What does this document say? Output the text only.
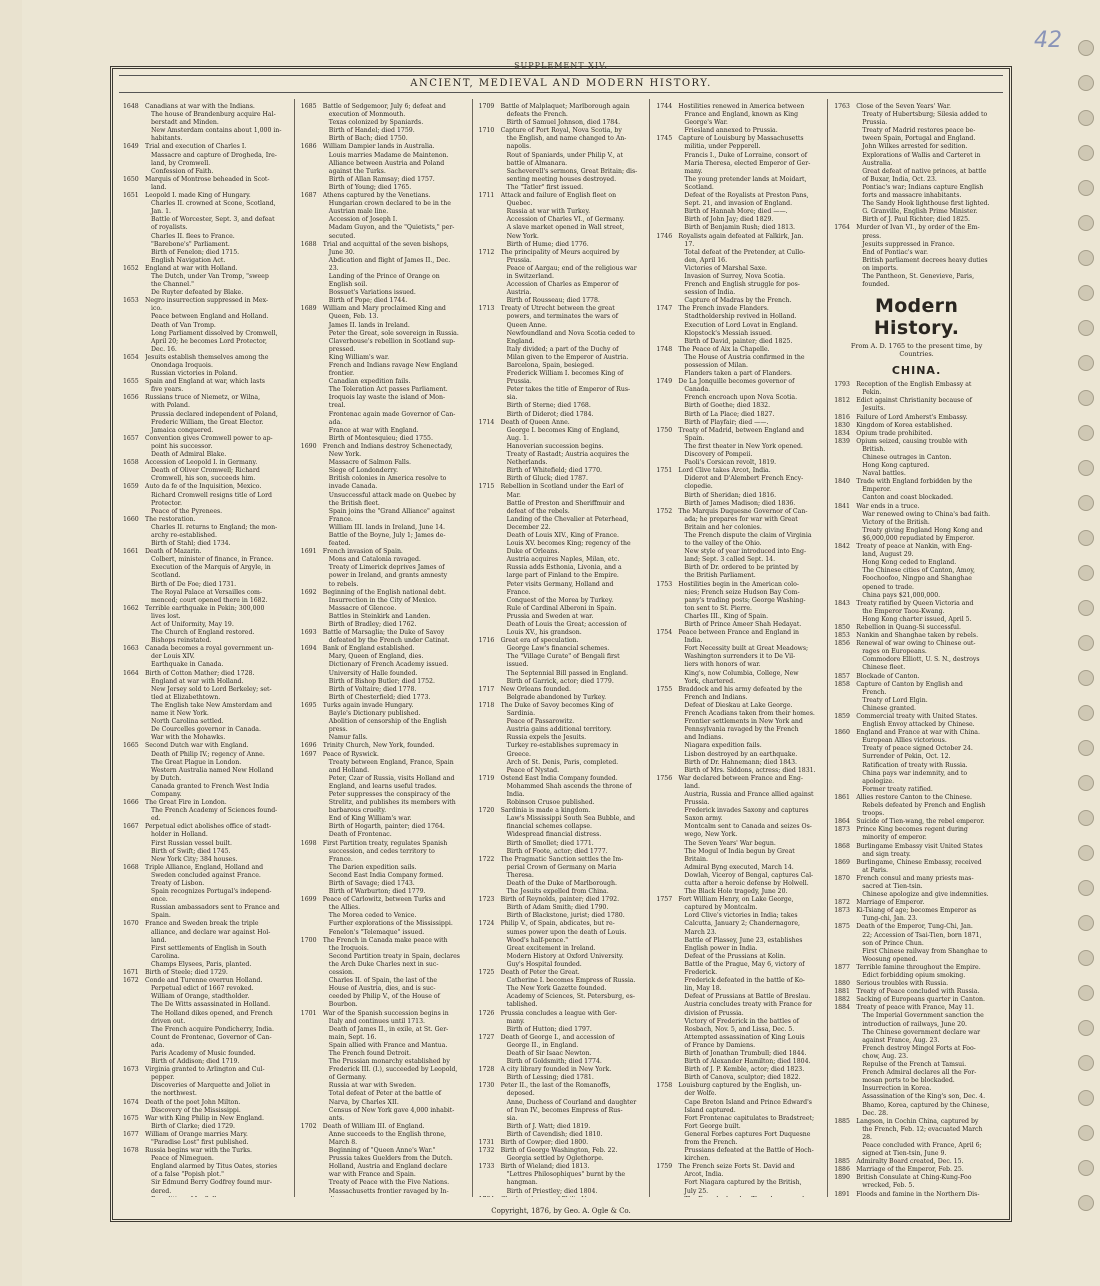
42
SUPPLEMENT XIV.
ANCIENT, MEDIEVAL AND MODERN HISTORY.
1648	Canadians at war with the Indians.
The house of Brandenburg acquire Hal-
berstadt and Minden.
New Amsterdam contains about 1,000 in-
habitants.
1649	Trial and execution of Charles I.
Massacre and capture of Drogheda, Ire-
land, by Cromwell.
Confession of Faith.
1650	Marquis of Montrose beheaded in Scot-
land.
1651	Leopold I. made King of Hungary.
Charles II. crowned at Scone, Scotland,
Jan. 1.
Battle of Worcester, Sept. 3, and defeat
of royalists.
Charles II. flees to France.
"Barebone's" Parliament.
Birth of Fenelon; died 1715.
English Navigation Act.
1652	England at war with Holland.
The Dutch, under Van Tromp, "sweep
the Channel."
De Ruyter defeated by Blake.
1653	Negro insurrection suppressed in Mex-
ico.
Peace between England and Holland.
Death of Van Tromp.
Long Parliament dissolved by Cromwell,
April 20; he becomes Lord Protector,
Dec. 16.
1654	Jesuits establish themselves among the
Onondaga Iroquois.
Russian victories in Poland.
1655	Spain and England at war, which lasts
five years.
1656	Russians truce of Niemetz, or Wilna,
with Poland.
Prussia declared independent of Poland,
Frederic William, the Great Elector.
Jamaica conquered.
1657	Convention gives Cromwell power to ap-
point his successor.
Death of Admiral Blake.
1658	Accession of Leopold I. in Germany.
Death of Oliver Cromwell; Richard
Cromwell, his son, succeeds him.
1659	Auto da fe of the Inquisition, Mexico.
Richard Cromwell resigns title of Lord
Protector.
Peace of the Pyrenees.
1660	The restoration.
Charles II. returns to England; the mon-
archy re-established.
Birth of Stahl; died 1734.
1661	Death of Mazarin.
Colbert, minister of finance, in France.
Execution of the Marquis of Argyle, in
Scotland.
Birth of De Foe; died 1731.
The Royal Palace at Versailles com-
menced; court opened there in 1682.
1662	Terrible earthquake in Pekin; 300,000
lives lost.
Act of Uniformity, May 19.
The Church of England restored.
Bishops reinstated.
1663	Canada becomes a royal government un-
der Louis XIV.
Earthquake in Canada.
1664	Birth of Cotton Mather; died 1728.
England at war with Holland.
New Jersey sold to Lord Berkeley; set-
tled at Elizabethtown.
The English take New Amsterdam and
name it New York.
North Carolina settled.
De Courcelles governor in Canada.
War with the Mohawks.
1665	Second Dutch war with England.
Death of Philip IV.; regency of Anne.
The Great Plague in London.
Western Australia named New Holland
by Dutch.
Canada granted to French West India
Company.
1666	The Great Fire in London.
The French Academy of Sciences found-
ed.
1667	Perpetual edict abolishes office of stadt-
holder in Holland.
First Russian vessel built.
Birth of Swift; died 1745.
New York City; 384 houses.
1668	Triple Alliance, England, Holland and
Sweden concluded against France.
Treaty of Lisbon.
Spain recognizes Portugal's independ-
ence.
Russian ambassadors sent to France and
Spain.
1670	France and Sweden break the triple
alliance, and declare war against Hol-
land.
First settlements of English in South
Carolina.
Champs Elysees, Paris, planted.
1671	Birth of Steele; died 1729.
1672	Conde and Turenne overrun Holland.
Perpetual edict of 1667 revoked.
William of Orange, stadtholder.
The De Witts assassinated in Holland.
The Holland dikes opened, and French
driven out.
The French acquire Pondicherry, India.
Count de Frontenac, Governor of Can-
ada.
Paris Academy of Music founded.
Birth of Addison; died 1719.
1673	Virginia granted to Arlington and Cul-
pepper.
Discoveries of Marquette and Joliet in
the northwest.
1674	Death of the poet John Milton.
Discovery of the Mississippi.
1675	War with King Philip in New England.
Birth of Clarke; died 1729.
1677	William of Orange marries Mary.
"Paradise Lost" first published.
1678	Russia begins war with the Turks.
Peace of Nimeguen.
England alarmed by Titus Oates, stories
of a false "Popish plot."
Sir Edmund Berry Godfrey found mur-
dered.
1685	Battle of Sedgemoor, July 6; defeat and
execution of Monmouth.
Texas colonized by Spaniards.
Birth of Handel; died 1759.
Birth of Bach; died 1750.
1686	William Dampier lands in Australia.
Louis marries Madame de Maintenon.
Alliance between Austria and Poland
against the Turks.
Birth of Allan Ramsay; died 1757.
Birth of Young; died 1765.
1687	Athens captured by the Venetians.
Hungarian crown declared to be in the
Austrian male line.
Accession of Joseph I.
Madam Guyon, and the "Quietists," per-
secuted.
1688	Trial and acquittal of the seven bishops,
June 30.
Abdication and flight of James II., Dec.
23.
Landing of the Prince of Orange on
English soil.
Bossuet's Variations issued.
Birth of Pope; died 1744.
1689	William and Mary proclaimed King and
Queen, Feb. 13.
James II. lands in Ireland.
Peter the Great, sole sovereign in Russia.
Claverhouse's rebellion in Scotland sup-
pressed.
King William's war.
French and Indians ravage New England
frontier.
Canadian expedition fails.
The Toleration Act passes Parliament.
Iroquois lay waste the island of Mon-
treal.
Frontenac again made Governor of Can-
ada.
France at war with England.
Birth of Montesquieu; died 1755.
1690	French and Indians destroy Schenectady,
New York.
Massacre of Salmon Falls.
Siege of Londonderry.
British colonies in America resolve to
invade Canada.
Unsuccessful attack made on Quebec by
the British fleet.
Spain joins the "Grand Alliance" against
France.
William III. lands in Ireland, June 14.
Battle of the Boyne, July 1; James de-
feated.
1691	French invasion of Spain.
Mons and Catalonia ravaged.
Treaty of Limerick deprives James of
power in Ireland, and grants amnesty
to rebels.
1692	Beginning of the English national debt.
Insurrection in the City of Mexico.
Massacre of Glencoe.
Battles in Steinkirk and Landen.
Birth of Bradley; died 1762.
1693	Battle of Marsaglia; the Duke of Savoy
defeated by the French under Catinat.
1694	Bank of England established.
Mary, Queen of England, dies.
Dictionary of French Academy issued.
University of Halle founded.
Birth of Bishop Butler; died 1752.
Birth of Voltaire; died 1778.
Birth of Chesterfield; died 1773.
1695	Turks again invade Hungary.
Bayle's Dictionary published.
Abolition of censorship of the English
press.
Namur falls.
1696	Trinity Church, New York, founded.
1697	Peace of Ryswick.
Treaty between England, France, Spain
and Holland.
Peter, Czar of Russia, visits Holland and
England, and learns useful trades.
Peter suppresses the conspiracy of the
Strelitz, and publishes its members with
barbarous cruelty.
End of King William's war.
Birth of Hogarth, painter; died 1764.
Death of Frontenac.
1698	First Partition treaty, regulates Spanish
succession, and cedes territory to
France.
The Darien expedition sails.
Second East India Company formed.
Birth of Savage; died 1743.
Birth of Warburton; died 1779.
1699	Peace of Carlowitz, between Turks and
the Allies.
The Morea ceded to Venice.
Further explorations of the Mississippi.
Fenelon's "Telemaque" issued.
1700	The French in Canada make peace with
the Iroquois.
Second Partition treaty in Spain, declares
the Arch Duke Charles next in suc-
cession.
Charles II. of Spain, the last of the
House of Austria, dies, and is suc-
ceeded by Philip V., of the House of
Bourbon.
1701	War of the Spanish succession begins in
Italy and continues until 1713.
Death of James II., in exile, at St. Ger-
main, Sept. 16.
Spain allied with France and Mantua.
The French found Detroit.
The Prussian monarchy established by
Frederick III. (I.), succeeded by Leopold,
of Germany.
Russia at war with Sweden.
Total defeat of Peter at the battle of
Narva, by Charles XII.
Census of New York gave 4,000 inhabit-
ants.
1702	Death of William III. of England.
Anne succeeds to the English throne,
March 8.
Beginning of "Queen Anne's War."
Prussia takes Guelders from the Dutch.
Holland, Austria and England declare
war with France and Spain.
Treaty of Peace with the Five Nations.
Massachusetts frontier ravaged by In-
1709	Battle of Malplaquet; Marlborough again
defeats the French.
Birth of Samuel Johnson, died 1784.
1710	Capture of Port Royal, Nova Scotia, by
the English, and name changed to An-
napolis.
Rout of Spaniards, under Philip V., at
battle of Almanara.
Sacheverell's sermons, Great Britain; dis-
senting meeting houses destroyed.
The "Tatler" first issued.
1711	Attack and failure of English fleet on
Quebec.
Russia at war with Turkey.
Accession of Charles VI., of Germany.
A slave market opened in Wall street,
New York.
Birth of Hume; died 1776.
1712	The principality of Meurs acquired by
Prussia.
Peace of Aargau; end of the religious war
in Switzerland.
Accession of Charles as Emperor of
Austria.
Birth of Rousseau; died 1778.
1713	Treaty of Utrecht between the great
powers, and terminates the wars of
Queen Anne.
Newfoundland and Nova Scotia ceded to
England.
Italy divided; a part of the Duchy of
Milan given to the Emperor of Austria.
Barcelona, Spain, besieged.
Frederick William I. becomes King of
Prussia.
Peter takes the title of Emperor of Rus-
sia.
Birth of Sterne; died 1768.
Birth of Diderot; died 1784.
1714	Death of Queen Anne.
George I. becomes King of England,
Aug. 1.
Hanoverian succession begins.
Treaty of Rastadt; Austria acquires the
Netherlands.
Birth of Whitefield; died 1770.
Birth of Gluck; died 1787.
1715	Rebellion in Scotland under the Earl of
Mar.
Battle of Preston and Sheriffmuir and
defeat of the rebels.
Landing of the Chevalier at Peterhead,
December 22.
Death of Louis XIV., King of France.
Louis XV. becomes King; regency of the
Duke of Orleans.
Austria acquires Naples, Milan, etc.
Russia adds Esthonia, Livonia, and a
large part of Finland to the Empire.
Peter visits Germany, Holland and
France.
Conquest of the Morea by Turkey.
Rule of Cardinal Alberoni in Spain.
Prussia and Sweden at war.
Death of Louis the Great; accession of
Louis XV., his grandson.
1716	Great era of speculation.
George Law's financial schemes.
The "Village Curate" of Bengali first
issued.
The Septennial Bill passed in England.
Birth of Garrick, actor; died 1779.
1717	New Orleans founded.
Belgrade abandoned by Turkey.
1718	The Duke of Savoy becomes King of
Sardinia.
Peace of Passarowitz.
Austria gains additional territory.
Russia expels the Jesuits.
Turkey re-establishes supremacy in
Greece.
Arch of St. Denis, Paris, completed.
Peace of Nystad.
1719	Ostend East India Company founded.
Mohammed Shah ascends the throne of
India.
Robinson Crusoe published.
1720	Sardinia is made a kingdom.
Law's Mississippi South Sea Bubble, and
financial schemes collapse.
Widespread financial distress.
Birth of Smollet; died 1771.
Birth of Foote, actor; died 1777.
1722	The Pragmatic Sanction settles the Im-
perial Crown of Germany on Maria
Theresa.
Death of the Duke of Marlborough.
The Jesuits expelled from China.
1723	Birth of Reynolds, painter; died 1792.
Birth of Adam Smith; died 1790.
Birth of Blackstone, jurist; died 1780.
1724	Philip V., of Spain, abdicates, but re-
sumes power upon the death of Louis.
Wood's half-pence."
Great excitement in Ireland.
Modern History at Oxford University.
Guy's Hospital founded.
1725	Death of Peter the Great.
Catherine I. becomes Empress of Russia.
The New York Gazette founded.
Academy of Sciences, St. Petersburg, es-
tablished.
1726	Prussia concludes a league with Ger-
many.
Birth of Hutton; died 1797.
1727	Death of George I., and accession of
George II., in England.
Death of Sir Isaac Newton.
Birth of Goldsmith; died 1774.
1728	A city library founded in New York.
Birth of Lessing; died 1781.
1730	Peter II., the last of the Romanoffs,
deposed.
Anne, Duchess of Courland and daughter
of Ivan IV., becomes Empress of Rus-
sia.
Birth of J. Watt; died 1819.
Birth of Cavendish; died 1810.
1731	Birth of Cowper; died 1800.
1732	Birth of George Washington, Feb. 22.
Georgia settled by Oglethorpe.
1733	Birth of Wieland; died 1813.
"Lettres Philosophiques" burnt by the
hangman.
Birth of Priestley; died 1804.
1744	Hostilities renewed in America between
France and England, known as King
George's War.
Friesland annexed to Prussia.
1745	Capture of Louisburg by Massachusetts
militia, under Pepperell.
Francis I., Duke of Lorraine, consort of
Maria Theresa, elected Emperor of Ger-
many.
The young pretender lands at Moidart,
Scotland.
Defeat of the Royalists at Preston Pans,
Sept. 21, and invasion of England.
Birth of Hannah More; died ——.
Birth of John Jay; died 1829.
Birth of Benjamin Rush; died 1813.
1746	Royalists again defeated at Falkirk, Jan.
17.
Total defeat of the Pretender, at Cullo-
den, April 16.
Victories of Marshal Saxe.
Invasion of Surrey, Nova Scotia.
French and English struggle for pos-
session of India.
Capture of Madras by the French.
1747	The French invade Flanders.
Stadtholdership revived in Holland.
Execution of Lord Lovat in England.
Klopstock's Messiah issued.
Birth of David, painter; died 1825.
1748	The Peace of Aix la Chapelle.
The House of Austria confirmed in the
possession of Milan.
Flanders taken a part of Flanders.
1749	De La Jonquille becomes governor of
Canada.
French encroach upon Nova Scotia.
Birth of Goethe; died 1832.
Birth of La Place; died 1827.
Birth of Playfair; died ——.
1750	Treaty of Madrid, between England and
Spain.
The first theater in New York opened.
Discovery of Pompeii.
Paoli's Corsican revolt, 1819.
1751	Lord Clive takes Arcot, India.
Diderot and D'Alembert French Ency-
clopedie.
Birth of Sheridan; died 1816.
Birth of James Madison; died 1836.
1752	The Marquis Duquesne Governor of Can-
ada; he prepares for war with Great
Britain and her colonies.
The French dispute the claim of Virginia
to the valley of the Ohio.
New style of year introduced into Eng-
land; Sept. 3 called Sept. 14.
Birth of Dr. ordered to be printed by
the British Parliament.
1753	Hostilities begin in the American colo-
nies; French seize Hudson Bay Com-
pany's trading posts; George Washing-
ton sent to St. Pierre.
Charles III., King of Spain.
Birth of Prince Ameer Shah Hedayat.
1754	Peace between France and England in
India.
Fort Necessity built at Great Meadows;
Washington surrenders it to De Vil-
liers with honors of war.
King's, now Columbia, College, New
York, chartered.
1755	Braddock and his army defeated by the
French and Indians.
Defeat of Dieskau at Lake George.
French Acadians taken from their homes.
Frontier settlements in New York and
Pennsylvania ravaged by the French
and Indians.
Niagara expedition fails.
Lisbon destroyed by an earthquake.
Birth of Dr. Hahnemann; died 1843.
Birth of Mrs. Siddons, actress; died 1831.
1756	War declared between France and Eng-
land.
Austria, Russia and France allied against
Prussia.
Frederick invades Saxony and captures
Saxon army.
Montcalm sent to Canada and seizes Os-
wego, New York.
The Seven Years' War begun.
The Mogul of India begun by Great
Britain.
Admiral Byng executed, March 14.
Dowlah, Viceroy of Bengal, captures Cal-
cutta after a heroic defense by Holwell.
The Black Hole tragedy, June 20.
1757	Fort William Henry, on Lake George,
captured by Montcalm.
Lord Clive's victories in India; takes
Calcutta, January 2; Chandernagore,
March 23.
Battle of Plassey, June 23, establishes
English power in India.
Defeat of the Prussians at Kolin.
Battle of the Prague, May 6, victory of
Frederick.
Frederick defeated in the battle of Ko-
lin, May 18.
Defeat of Prussians at Battle of Breslau.
Austria concludes treaty with France for
division of Prussia.
Victory of Frederick in the battles of
Rosbach, Nov. 5, and Lissa, Dec. 5.
Attempted assassination of King Louis
of France by Damiens.
Birth of Jonathan Trumbull; died 1844.
Birth of Alexander Hamilton; died 1804.
Birth of J. P. Kemble, actor; died 1823.
Birth of Canova, sculptor; died 1822.
1758	Louisburg captured by the English, un-
der Wolfe.
Cape Breton Island and Prince Edward's
Island captured.
Fort Frontenac capitulates to Bradstreet;
Fort George built.
General Forbes captures Fort Duquesne
from the French.
Prussians defeated at the Battle of Hoch-
kirchen.
1759	The French seize Forts St. David and
Arcot, India.
Fort Niagara captured by the British,
July 25.
1763	Close of the Seven Years' War.
Treaty of Hubertsburg; Silesia added to
Prussia.
Treaty of Madrid restores peace be-
tween Spain, Portugal and England.
John Wilkes arrested for sedition.
Explorations of Wallis and Carteret in
Australia.
Great defeat of native princes, at battle
of Buxar, India, Oct. 23.
Pontiac's war; Indians capture English
forts and massacre inhabitants.
The Sandy Hook lighthouse first lighted.
G. Granville, English Prime Minister.
Birth of J. Paul Richter; died 1825.
1764	Murder of Ivan VI., by order of the Em-
press.
Jesuits suppressed in France.
End of Pontiac's war.
British parliament decrees heavy duties
on imports.
The Pantheon, St. Genevieve, Paris,
founded.
Modern History.
From A. D. 1765 to the present time, by Countries.
CHINA.
1793	Reception of the English Embassy at
Pekin.
1812	Edict against Christianity because of
Jesuits.
1816	Failure of Lord Amherst's Embassy.
1830	Kingdom of Korea established.
1834	Opium trade prohibited.
1839	Opium seized, causing trouble with
British.
Chinese outrages in Canton.
Hong Kong captured.
Naval battles.
1840	Trade with England forbidden by the
Emperor.
Canton and coast blockaded.
1841	War ends in a truce.
War renewed owing to China's bad faith.
Victory of the British.
Treaty giving England Hong Kong and
$6,000,000 repudiated by Emperor.
1842	Treaty of peace at Nankin, with Eng-
land, August 29.
Hong Kong ceded to England.
The Chinese cities of Canton, Amoy,
Foochoofoo, Ningpo and Shanghae
opened to trade.
China pays $21,000,000.
1843	Treaty ratified by Queen Victoria and
the Emperor Taou-Kwang.
Hong Kong charter issued, April 5.
1850	Rebellion in Quang-Si successful.
1853	Nankin and Shanghae taken by rebels.
1856	Renewal of war owing to Chinese out-
rages on Europeans.
Commodore Elliott, U. S. N., destroys
Chinese fleet.
1857	Blockade of Canton.
1858	Capture of Canton by English and
French.
Treaty of Lord Elgin.
Chinese granted.
1859	Commercial treaty with United States.
English Envoy attacked by Chinese.
1860	England and France at war with China.
European Allies victorious.
Treaty of peace signed October 24.
Surrender of Pekin, Oct. 12.
Ratification of treaty with Russia.
China pays war indemnity, and to
apologize.
Former treaty ratified.
1861	Allies restore Canton to the Chinese.
Rebels defeated by French and English
troops.
1864	Suicide of Tien-wang, the rebel emperor.
1873	Prince King becomes regent during
minority of emperor.
1868	Burlingame Embassy visit United States
and sign treaty.
1869	Burlingame, Chinese Embassy, received
at Paris.
1870	French consul and many priests mas-
sacred at Tien-tsin.
Chinese apologize and give indemnities.
1872	Marriage of Emperor.
1873	Ki-Tsiang of age; becomes Emperor as
Tung-chi, Jan. 23.
1875	Death of the Emperor, Tung-Chi, Jan.
22; Accession of Tsai-Tien, born 1871,
son of Prince Chun.
First Chinese railway from Shanghae to
Woosung opened.
1877	Terrible famine throughout the Empire.
Edict forbidding opium smoking.
1880	Serious troubles with Russia.
1881	Treaty of Peace concluded with Russia.
1882	Sacking of Europeans quarter in Canton.
1884	Treaty of peace with France, May 11.
The Imperial Government sanction the
introduction of railways, June 20.
The Chinese government declare war
against France, Aug. 23.
French destroy Mingol Forts at Foo-
chow, Aug. 23.
Repulse of the French at Tamsui.
French Admiral declares all the For-
mosan ports to be blockaded.
Insurrection in Korea.
Assassination of the King's son, Dec. 4.
Bhamo, Korea, captured by the Chinese,
Dec. 28.
1885	Langson, in Cochin China, captured by
the French, Feb. 12; evacuated March
28.
Peace concluded with France, April 6;
signed at Tien-tsin, June 9.
1885	Admiralty Board created, Dec. 15.
1886	Marriage of the Emperor, Feb. 25.
1890	British Consulate at Ching-Kung-Foo
wrecked, Feb. 5.
1891	Floods and famine in the Northern Dis-
Copyright, 1876, by Geo. A. Ogle & Co.
